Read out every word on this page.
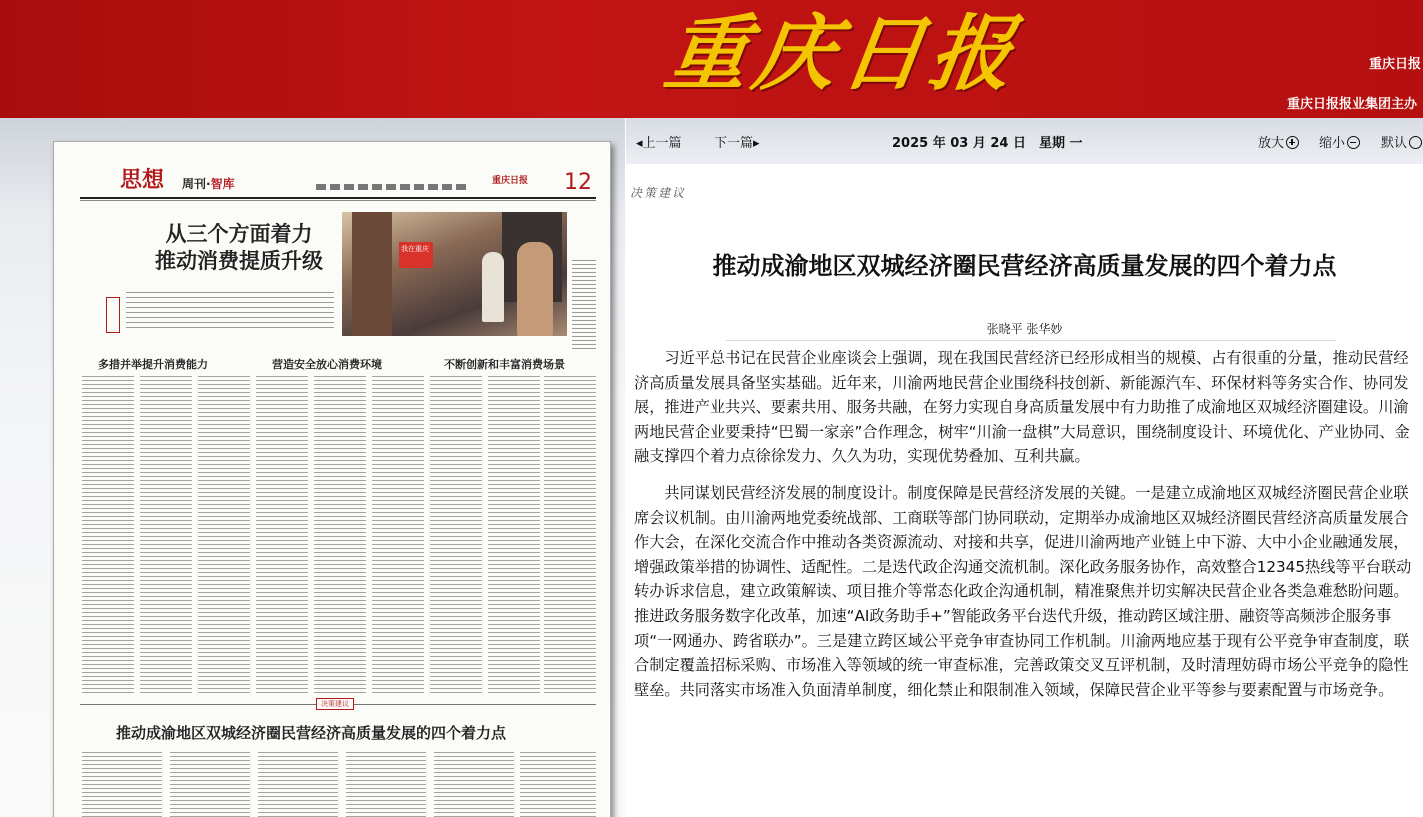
重庆日报	重庆日报
重庆日报报业集团主办
思想 周刊·智库	重庆日报 12
从三个方面着力
推动消费提质升级	我在重庆
多措并举提升消费能力	营造安全放心消费环境	不断创新和丰富消费场景
决策建议
推动成渝地区双城经济圈民营经济高质量发展的四个着力点
◂上一篇 下一篇▸	2025 年 03 月 24 日　星期 一	放大	缩小	默认
决策建议
推动成渝地区双城经济圈民营经济高质量发展的四个着力点
张晓平 张华妙

习近平总书记在民营企业座谈会上强调，现在我国民营经济已经形成相当的规模、占有很重的分量，推动民营经济高质量发展具备坚实基础。近年来，川渝两地民营企业围绕科技创新、新能源汽车、环保材料等务实合作、协同发展，推进产业共兴、要素共用、服务共融，在努力实现自身高质量发展中有力助推了成渝地区双城经济圈建设。川渝两地民营企业要秉持“巴蜀一家亲”合作理念，树牢“川渝一盘棋”大局意识，围绕制度设计、环境优化、产业协同、金融支撑四个着力点徐徐发力、久久为功，实现优势叠加、互利共赢。

共同谋划民营经济发展的制度设计。制度保障是民营经济发展的关键。一是建立成渝地区双城经济圈民营企业联席会议机制。由川渝两地党委统战部、工商联等部门协同联动，定期举办成渝地区双城经济圈民营经济高质量发展合作大会，在深化交流合作中推动各类资源流动、对接和共享，促进川渝两地产业链上中下游、大中小企业融通发展，增强政策举措的协调性、适配性。二是迭代政企沟通交流机制。深化政务服务协作，高效整合12345热线等平台联动转办诉求信息，建立政策解读、项目推介等常态化政企沟通机制，精准聚焦并切实解决民营企业各类急难愁盼问题。推进政务服务数字化改革，加速“AI政务助手+”智能政务平台迭代升级，推动跨区域注册、融资等高频涉企服务事项“一网通办、跨省联办”。三是建立跨区域公平竞争审查协同工作机制。川渝两地应基于现有公平竞争审查制度，联合制定覆盖招标采购、市场准入等领域的统一审查标准，完善政策交叉互评机制，及时清理妨碍市场公平竞争的隐性壁垒。共同落实市场准入负面清单制度，细化禁止和限制准入领域，保障民营企业平等参与要素配置与市场竞争。
